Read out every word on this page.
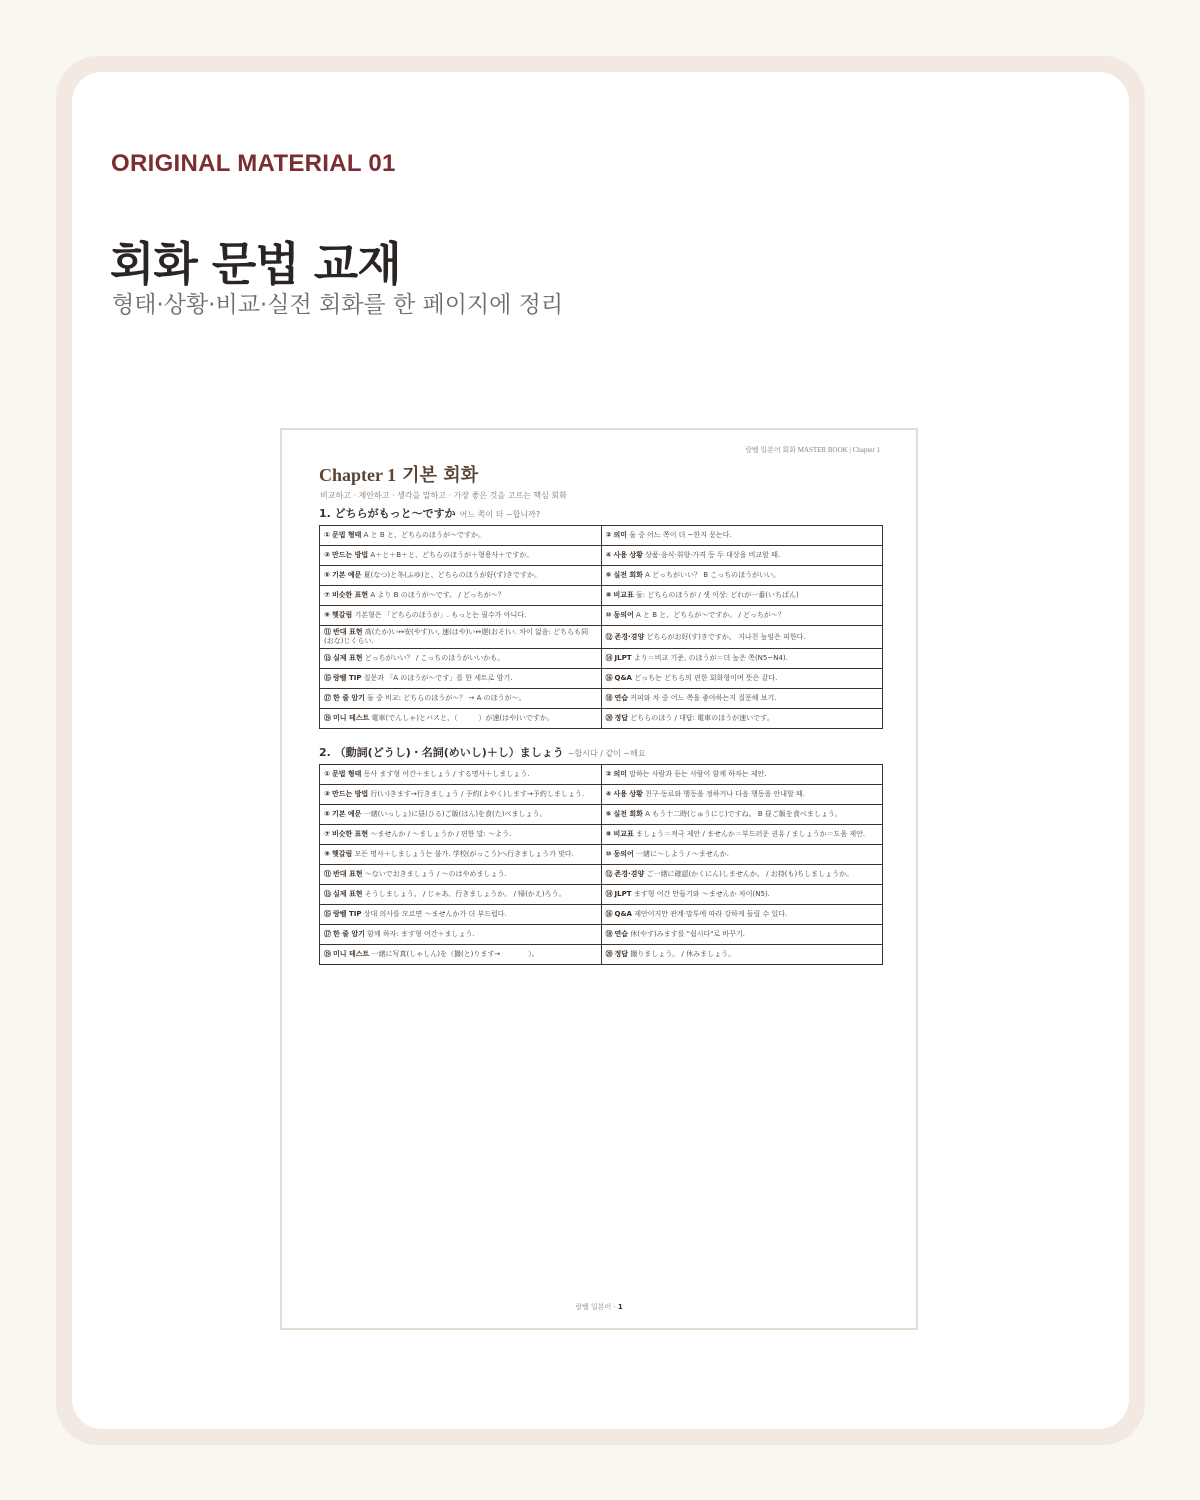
ORIGINAL MATERIAL 01
회화 문법 교재
형태·상황·비교·실전 회화를 한 페이지에 정리
랑벨 일본어 회화 MASTER BOOK | Chapter 1
Chapter 1 기본 회화
비교하고 · 제안하고 · 생각을 말하고 · 가장 좋은 것을 고르는 핵심 회화
1. どちらがもっと〜ですか 어느 쪽이 더 ~합니까?
① 문법 형태 A と B と、どちらのほうが〜ですか。	② 의미 둘 중 어느 쪽이 더 ~한지 묻는다.
③ 만드는 방법 A＋と＋B＋と、どちらのほうが＋형용사＋ですか。	④ 사용 상황 상품·음식·취향·가격 등 두 대상을 비교할 때.
⑤ 기본 예문 夏(なつ)と冬(ふゆ)と、どちらのほうが好(す)きですか。	⑥ 실전 회화 A どっちがいい？ B こっちのほうがいい。
⑦ 비슷한 표현 A より B のほうが〜です。 / どっちが〜？	⑧ 비교표 둘: どちらのほうが / 셋 이상: どれが一番(いちばん)
⑨ 헷갈림 기본형은 「どちらのほうが」. もっと는 필수가 아니다.	⑩ 동의어 A と B と、どちらが〜ですか。 / どっちが〜？
⑪ 반대 표현 高(たか)い↔安(やす)い, 速(はや)い↔遅(おそ)い. 차이 없음: どちらも同(おな)じくらい.	⑫ 존경·겸양 どちらがお好(す)きですか。 지나친 높임은 피한다.
⑬ 실제 표현 どっちがいい？ / こっちのほうがいいかも。	⑭ JLPT より＝비교 기준, のほうが＝더 높은 쪽(N5~N4).
⑮ 랑벨 TIP 질문과 「A のほうが〜です」를 한 세트로 암기.	⑯ Q&A どっち는 どちら의 편한 회화형이며 뜻은 같다.
⑰ 한 줄 암기 둘 중 비교: どちらのほうが〜？ → A のほうが〜。	⑱ 연습 커피와 차 중 어느 쪽을 좋아하는지 질문해 보기.
⑲ 미니 테스트 電車(でんしゃ)とバスと、（　　　）が速(はや)いですか。	⑳ 정답 どちらのほう / 대답: 電車のほうが速いです。
2. （動詞(どうし)・名詞(めいし)＋し）ましょう ~합시다 / 같이 ~해요
① 문법 형태 동사 ます형 어간＋ましょう / する명사＋しましょう.	② 의미 말하는 사람과 듣는 사람이 함께 하자는 제안.
③ 만드는 방법 行(い)きます→行きましょう / 予約(よやく)します→予約しましょう.	④ 사용 상황 친구·동료와 행동을 정하거나 다음 행동을 안내할 때.
⑤ 기본 예문 一緒(いっしょ)に昼(ひる)ご飯(はん)を食(た)べましょう。	⑥ 실전 회화 A もう十二時(じゅうにじ)ですね。 B 昼ご飯を食べましょう。
⑦ 비슷한 표현 〜ませんか / 〜ましょうか / 편한 말: 〜よう.	⑧ 비교표 ましょう＝적극 제안 / ませんか＝부드러운 권유 / ましょうか＝도움 제안.
⑨ 헷갈림 모든 명사＋しましょう는 불가. 学校(がっこう)へ行きましょう가 맞다.	⑩ 동의어 一緒に〜しよう / 〜ませんか.
⑪ 반대 표현 〜ないでおきましょう / 〜のはやめましょう.	⑫ 존경·겸양 ご一緒に確認(かくにん)しませんか。 / お持(も)ちしましょうか。
⑬ 실제 표현 そうしましょう。 / じゃあ、行きましょうか。 / 帰(かえ)ろう。	⑭ JLPT ます형 어간 만들기와 〜ませんか 차이(N5).
⑮ 랑벨 TIP 상대 의사를 모르면 〜ませんか가 더 부드럽다.	⑯ Q&A 제안이지만 관계·말투에 따라 강하게 들릴 수 있다.
⑰ 한 줄 암기 함께 하자: ます형 어간＋ましょう.	⑱ 연습 休(やす)みます를 "쉽시다"로 바꾸기.
⑲ 미니 테스트 一緒に写真(しゃしん)を（撮(と)ります→　　　　）。	⑳ 정답 撮りましょう。 / 休みましょう。
랑벨 일본어 · 1
